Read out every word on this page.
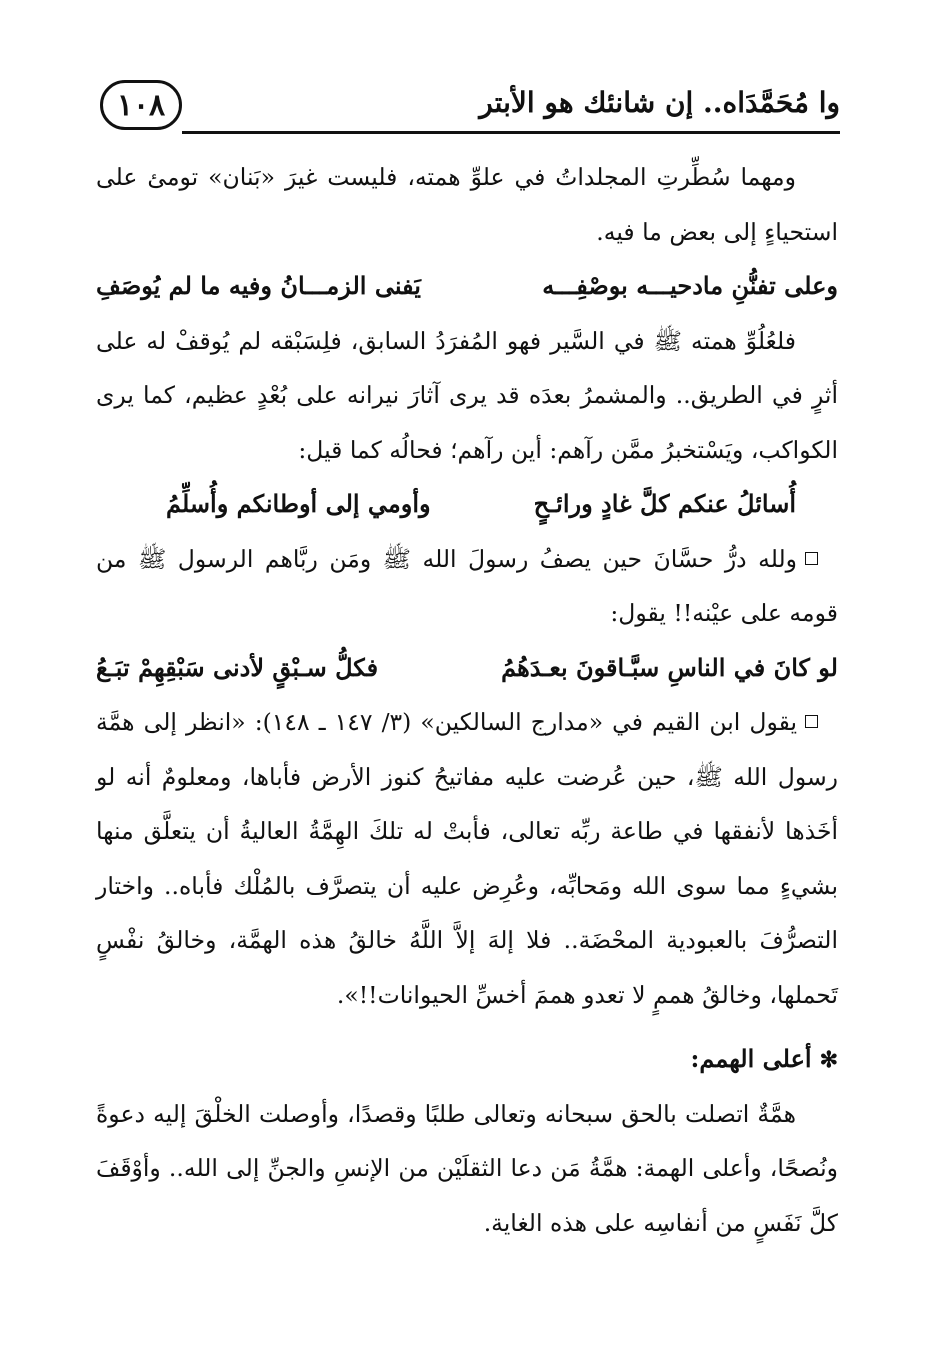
وا مُحَمَّدَاه.. إن شانئك هو الأبتر
١٠٨

ومهما سُطِّرتِ المجلداتُ في علوِّ همته، فليست غيرَ «بَنان» تومئ على استحياءٍ إلى بعض ما فيه.

وعلى تفنُّنِ مادحيـــه بوصْفِـــه
يَفنى الزمـــانُ وفيه ما لم يُوصَفِ

فلعُلُوِّ همته ﷺ في السَّير فهو المُفرَدُ السابق، فلِسَبْقه لم يُوقفْ له على أثرٍ في الطريق.. والمشمرُ بعدَه قد يرى آثارَ نيرانه على بُعْدٍ عظيم، كما يرى الكواكب، ويَسْتخبرُ ممَّن رآهم: أين رآهم؛ فحالُه كما قيل:

أُسائلُ عنكم كلَّ غادٍ ورائـحٍ
وأومي إلى أوطانكم وأُسلِّمُ

ولله درُّ حسَّانَ حين يصفُ رسولَ الله ﷺ ومَن ربَّاهم الرسول ﷺ من قومه على عيْنه!! يقول:

لو كانَ في الناسِ سبَّـاقونَ بعـدَهُمُ
فكلُّ سـبْقٍ لأدنى سَبْقِهِمْ تبَـعُ

يقول ابن القيم في «مدارج السالكين» (٣/ ١٤٧ ـ ١٤٨): «انظر إلى همَّة رسول الله ﷺ، حين عُرضت عليه مفاتيحُ كنوز الأرض فأباها، ومعلومٌ أنه لو أخَذها لأنفقها في طاعة ربِّه تعالى، فأبتْ له تلكَ الهِمَّةُ العاليةُ أن يتعلَّق منها بشيءٍ مما سوى الله ومَحابِّه، وعُرِض عليه أن يتصرَّف بالمُلْك فأباه.. واختار التصرُّفَ بالعبودية المحْضَة.. فلا إلهَ إلاَّ اللَّهُ خالقُ هذه الهمَّة، وخالقُ نفْسٍ تَحملها، وخالقُ هممٍ لا تعدو هممَ أخسِّ الحيوانات!!».

✻أعلى الهمم:

همَّةٌ اتصلت بالحق سبحانه وتعالى طلبًا وقصدًا، وأوصلت الخلْقَ إليه دعوةً ونُصحًا، وأعلى الهمة: همَّةُ مَن دعا الثقلَيْن من الإنسِ والجنِّ إلى الله.. وأوْقَفَ كلَّ نَفَسٍ من أنفاسِه على هذه الغاية.
